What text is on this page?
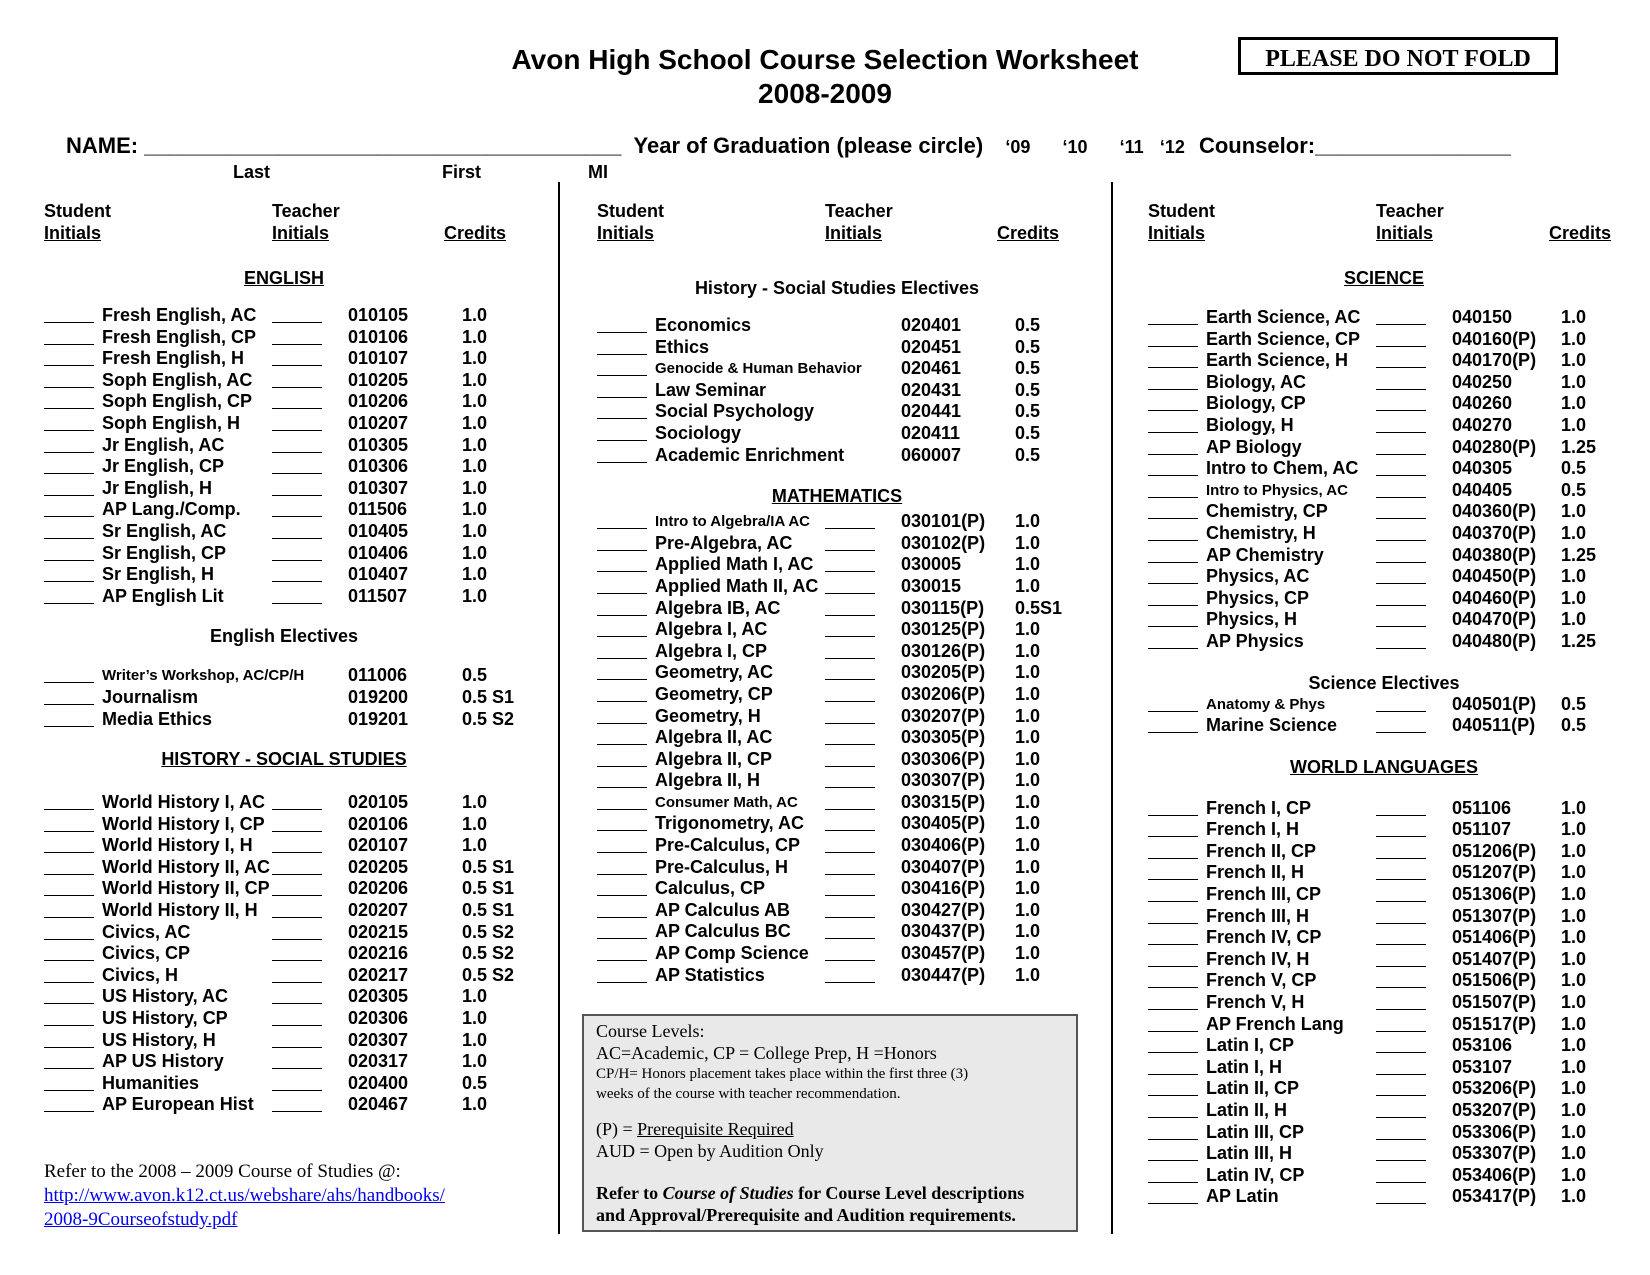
Avon High School Course Selection Worksheet
2008-2009
PLEASE DO NOT FOLD
NAME: _______________________________________ Year of Graduation (please circle) ‘09 ‘10 ‘11 ‘12 Counselor:________________
Last	First	MI
Student
Initials
Teacher
Initials	Credits
ENGLISH
Fresh English, AC	010105	1.0
Fresh English, CP	010106	1.0
Fresh English, H	010107	1.0
Soph English, AC	010205	1.0
Soph English, CP	010206	1.0
Soph English, H	010207	1.0
Jr English, AC	010305	1.0
Jr English, CP	010306	1.0
Jr English, H	010307	1.0
AP Lang./Comp.	011506	1.0
Sr English, AC	010405	1.0
Sr English, CP	010406	1.0
Sr English, H	010407	1.0
AP English Lit	011507	1.0
English Electives
Writer’s Workshop, AC/CP/H 011006	0.5
Journalism	019200	0.5 S1
Media Ethics	019201	0.5 S2
HISTORY - SOCIAL STUDIES
World History I, AC	020105	1.0
World History I, CP	020106	1.0
World History I, H	020107	1.0
World History II, AC	020205	0.5 S1
World History II, CP	020206	0.5 S1
World History II, H	020207	0.5 S1
Civics, AC	020215	0.5 S2
Civics, CP	020216	0.5 S2
Civics, H	020217	0.5 S2
US History, AC	020305	1.0
US History, CP	020306	1.0
US History, H	020307	1.0
AP US History	020317	1.0
Humanities	020400	0.5
AP European Hist	020467	1.0
Student
Initials
Teacher
Initials	Credits
History - Social Studies Electives
Economics	020401	0.5
Ethics	020451	0.5
Genocide & Human Behavior 020461	0.5
Law Seminar	020431	0.5
Social Psychology	020441	0.5
Sociology	020411	0.5
Academic Enrichment	060007	0.5
MATHEMATICS
Intro to Algebra/IA AC	030101(P) 1.0
Pre-Algebra, AC	030102(P) 1.0
Applied Math I, AC	030005	1.0
Applied Math II, AC	030015	1.0
Algebra IB, AC	030115(P) 0.5S1
Algebra I, AC	030125(P) 1.0
Algebra I, CP	030126(P) 1.0
Geometry, AC	030205(P) 1.0
Geometry, CP	030206(P) 1.0
Geometry, H	030207(P) 1.0
Algebra II, AC	030305(P) 1.0
Algebra II, CP	030306(P) 1.0
Algebra II, H	030307(P) 1.0
Consumer Math, AC	030315(P) 1.0
Trigonometry, AC	030405(P) 1.0
Pre-Calculus, CP	030406(P) 1.0
Pre-Calculus, H	030407(P) 1.0
Calculus, CP	030416(P) 1.0
AP Calculus AB	030427(P) 1.0
AP Calculus BC	030437(P) 1.0
AP Comp Science	030457(P) 1.0
AP Statistics	030447(P) 1.0
Student
Initials
Teacher
Initials	Credits
SCIENCE
Earth Science, AC	040150	1.0
Earth Science, CP	040160(P) 1.0
Earth Science, H	040170(P) 1.0
Biology, AC	040250	1.0
Biology, CP	040260	1.0
Biology, H	040270	1.0
AP Biology	040280(P) 1.25
Intro to Chem, AC	040305	0.5
Intro to Physics, AC	040405	0.5
Chemistry, CP	040360(P) 1.0
Chemistry, H	040370(P) 1.0
AP Chemistry	040380(P) 1.25
Physics, AC	040450(P) 1.0
Physics, CP	040460(P) 1.0
Physics, H	040470(P) 1.0
AP Physics	040480(P) 1.25
Science Electives
Anatomy & Phys	040501(P) 0.5
Marine Science	040511(P) 0.5
WORLD LANGUAGES
French I, CP	051106	1.0
French I, H	051107	1.0
French II, CP	051206(P) 1.0
French II, H	051207(P) 1.0
French III, CP	051306(P) 1.0
French III, H	051307(P) 1.0
French IV, CP	051406(P) 1.0
French IV, H	051407(P) 1.0
French V, CP	051506(P) 1.0
French V, H	051507(P) 1.0
AP French Lang	051517(P) 1.0
Latin I, CP	053106	1.0
Latin I, H	053107	1.0
Latin II, CP	053206(P) 1.0
Latin II, H	053207(P) 1.0
Latin III, CP	053306(P) 1.0
Latin III, H	053307(P) 1.0
Latin IV, CP	053406(P) 1.0
AP Latin	053417(P) 1.0
Course Levels:
AC=Academic, CP = College Prep, H =Honors
CP/H= Honors placement takes place within the first three (3)
weeks of the course with teacher recommendation.
(P) = Prerequisite Required
AUD = Open by Audition Only
Refer to Course of Studies for Course Level descriptions
and Approval/Prerequisite and Audition requirements.
Refer to the 2008 – 2009 Course of Studies @:
http://www.avon.k12.ct.us/webshare/ahs/handbooks/
2008-9Courseofstudy.pdf
